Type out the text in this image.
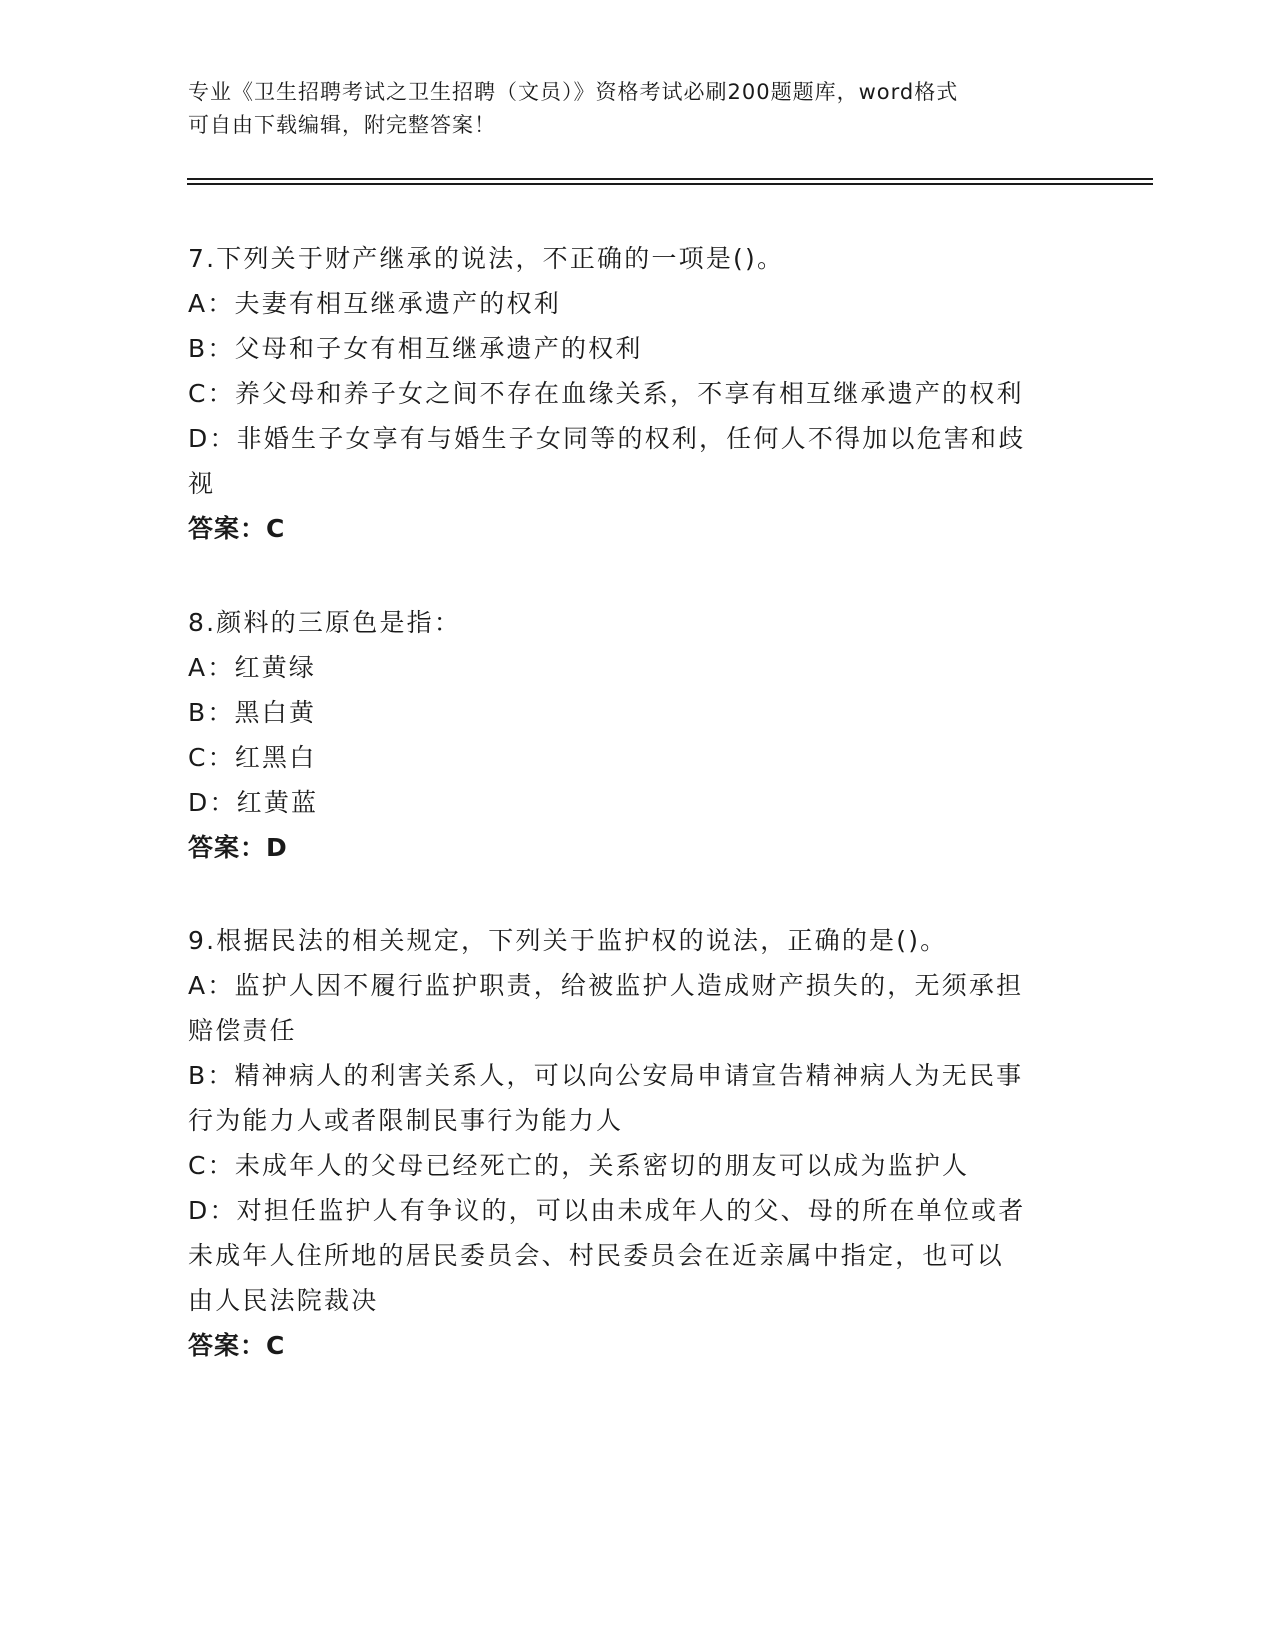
专业《卫生招聘考试之卫生招聘（文员）》资格考试必刷200题题库，word格式
可自由下载编辑，附完整答案！
7.下列关于财产继承的说法，不正确的一项是()。
A：夫妻有相互继承遗产的权利
B：父母和子女有相互继承遗产的权利
C：养父母和养子女之间不存在血缘关系，不享有相互继承遗产的权利
D：非婚生子女享有与婚生子女同等的权利，任何人不得加以危害和歧
视
答案：C
8.颜料的三原色是指：
A：红黄绿
B：黑白黄
C：红黑白
D：红黄蓝
答案：D
9.根据民法的相关规定，下列关于监护权的说法，正确的是()。
A：监护人因不履行监护职责，给被监护人造成财产损失的，无须承担
赔偿责任
B：精神病人的利害关系人，可以向公安局申请宣告精神病人为无民事
行为能力人或者限制民事行为能力人
C：未成年人的父母已经死亡的，关系密切的朋友可以成为监护人
D：对担任监护人有争议的，可以由未成年人的父、母的所在单位或者
未成年人住所地的居民委员会、村民委员会在近亲属中指定，也可以
由人民法院裁决
答案：C
